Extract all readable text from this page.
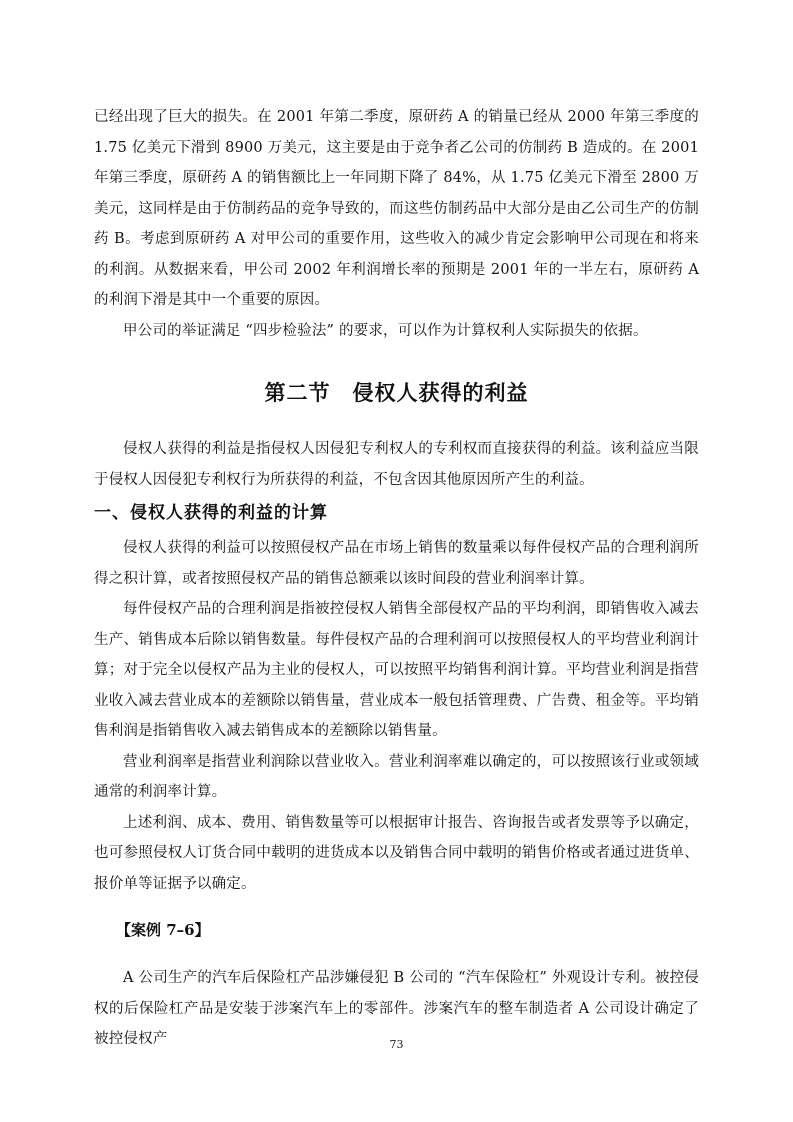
已经出现了巨大的损失。在 2001 年第二季度，原研药 A 的销量已经从 2000 年第三季度的 1.75 亿美元下滑到 8900 万美元，这主要是由于竞争者乙公司的仿制药 B 造成的。在 2001 年第三季度，原研药 A 的销售额比上一年同期下降了 84%，从 1.75 亿美元下滑至 2800 万美元，这同样是由于仿制药品的竞争导致的，而这些仿制药品中大部分是由乙公司生产的仿制药 B。考虑到原研药 A 对甲公司的重要作用，这些收入的减少肯定会影响甲公司现在和将来的利润。从数据来看，甲公司 2002 年利润增长率的预期是 2001 年的一半左右，原研药 A 的利润下滑是其中一个重要的原因。

甲公司的举证满足 “四步检验法” 的要求，可以作为计算权利人实际损失的依据。

第二节 侵权人获得的利益

侵权人获得的利益是指侵权人因侵犯专利权人的专利权而直接获得的利益。该利益应当限于侵权人因侵犯专利权行为所获得的利益，不包含因其他原因所产生的利益。

一、侵权人获得的利益的计算

侵权人获得的利益可以按照侵权产品在市场上销售的数量乘以每件侵权产品的合理利润所得之积计算，或者按照侵权产品的销售总额乘以该时间段的营业利润率计算。

每件侵权产品的合理利润是指被控侵权人销售全部侵权产品的平均利润，即销售收入减去生产、销售成本后除以销售数量。每件侵权产品的合理利润可以按照侵权人的平均营业利润计算；对于完全以侵权产品为主业的侵权人，可以按照平均销售利润计算。平均营业利润是指营业收入减去营业成本的差额除以销售量，营业成本一般包括管理费、广告费、租金等。平均销售利润是指销售收入减去销售成本的差额除以销售量。

营业利润率是指营业利润除以营业收入。营业利润率难以确定的，可以按照该行业或领域通常的利润率计算。

上述利润、成本、费用、销售数量等可以根据审计报告、咨询报告或者发票等予以确定，也可参照侵权人订货合同中载明的进货成本以及销售合同中载明的销售价格或者通过进货单、报价单等证据予以确定。

【案例 7–6】

A 公司生产的汽车后保险杠产品涉嫌侵犯 B 公司的 “汽车保险杠” 外观设计专利。被控侵权的后保险杠产品是安装于涉案汽车上的零部件。涉案汽车的整车制造者 A 公司设计确定了被控侵权产	73
